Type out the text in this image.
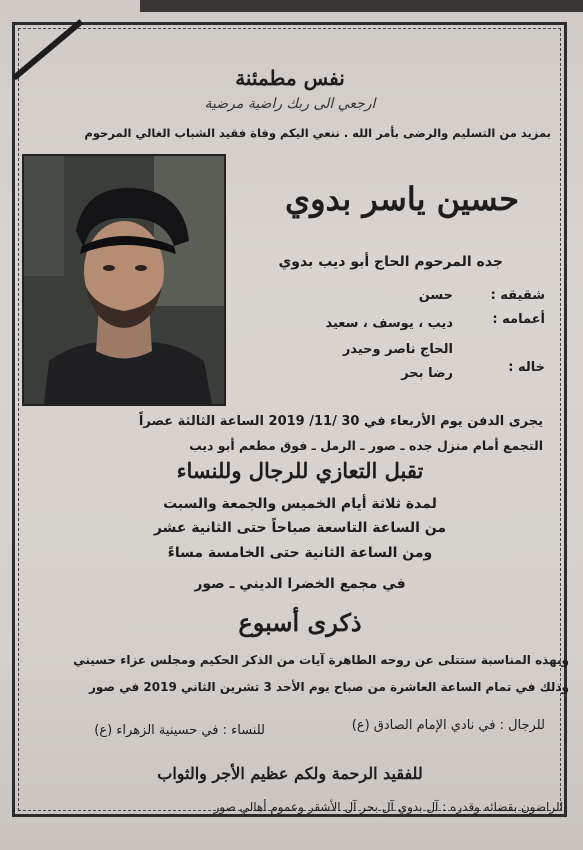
نفس مطمئنة
ارجعي الى ربك راضية مرضية
بمزيد من التسليم والرضى بأمر الله . ننعي اليكم وفاة فقيد الشباب الغالي المرحوم
حسين ياسر بدوي
جده المرحوم الحاج أبو ديب بدوي
شقيقه :
حسن
أعمامه :
ديب ، يوسف ، سعيد
الحاج ناصر وحيدر
خاله :
رضا بحر
يجرى الدفن يوم الأربعاء في 30 /11/ 2019 الساعة الثالثة عصراً
التجمع أمام منزل جده ـ صور ـ الرمل ـ فوق مطعم أبو ديب
تقبل التعازي للرجال وللنساء
لمدة ثلاثة أيام الخميس والجمعة والسبت
من الساعة التاسعة صباحاً حتى الثانية عشر
ومن الساعة الثانية حتى الخامسة مساءً
في مجمع الخضرا الديني ـ صور
ذكرى أسبوع
وبهذه المناسبة ستتلى عن روحه الطاهرة آيات من الذكر الحكيم ومجلس عزاء حسيني
وذلك في تمام الساعة العاشرة من صباح يوم الأحد 3 تشرين الثاني 2019 في صور
للرجال : في نادي الإمام الصادق (ع)
للنساء : في حسينية الزهراء (ع)
للفقيد الرحمة ولكم عظيم الأجر والثواب
الراضون بقضائه وقدره : آل بدوي آل بحر آل الأشقر وعموم أهالي صور
